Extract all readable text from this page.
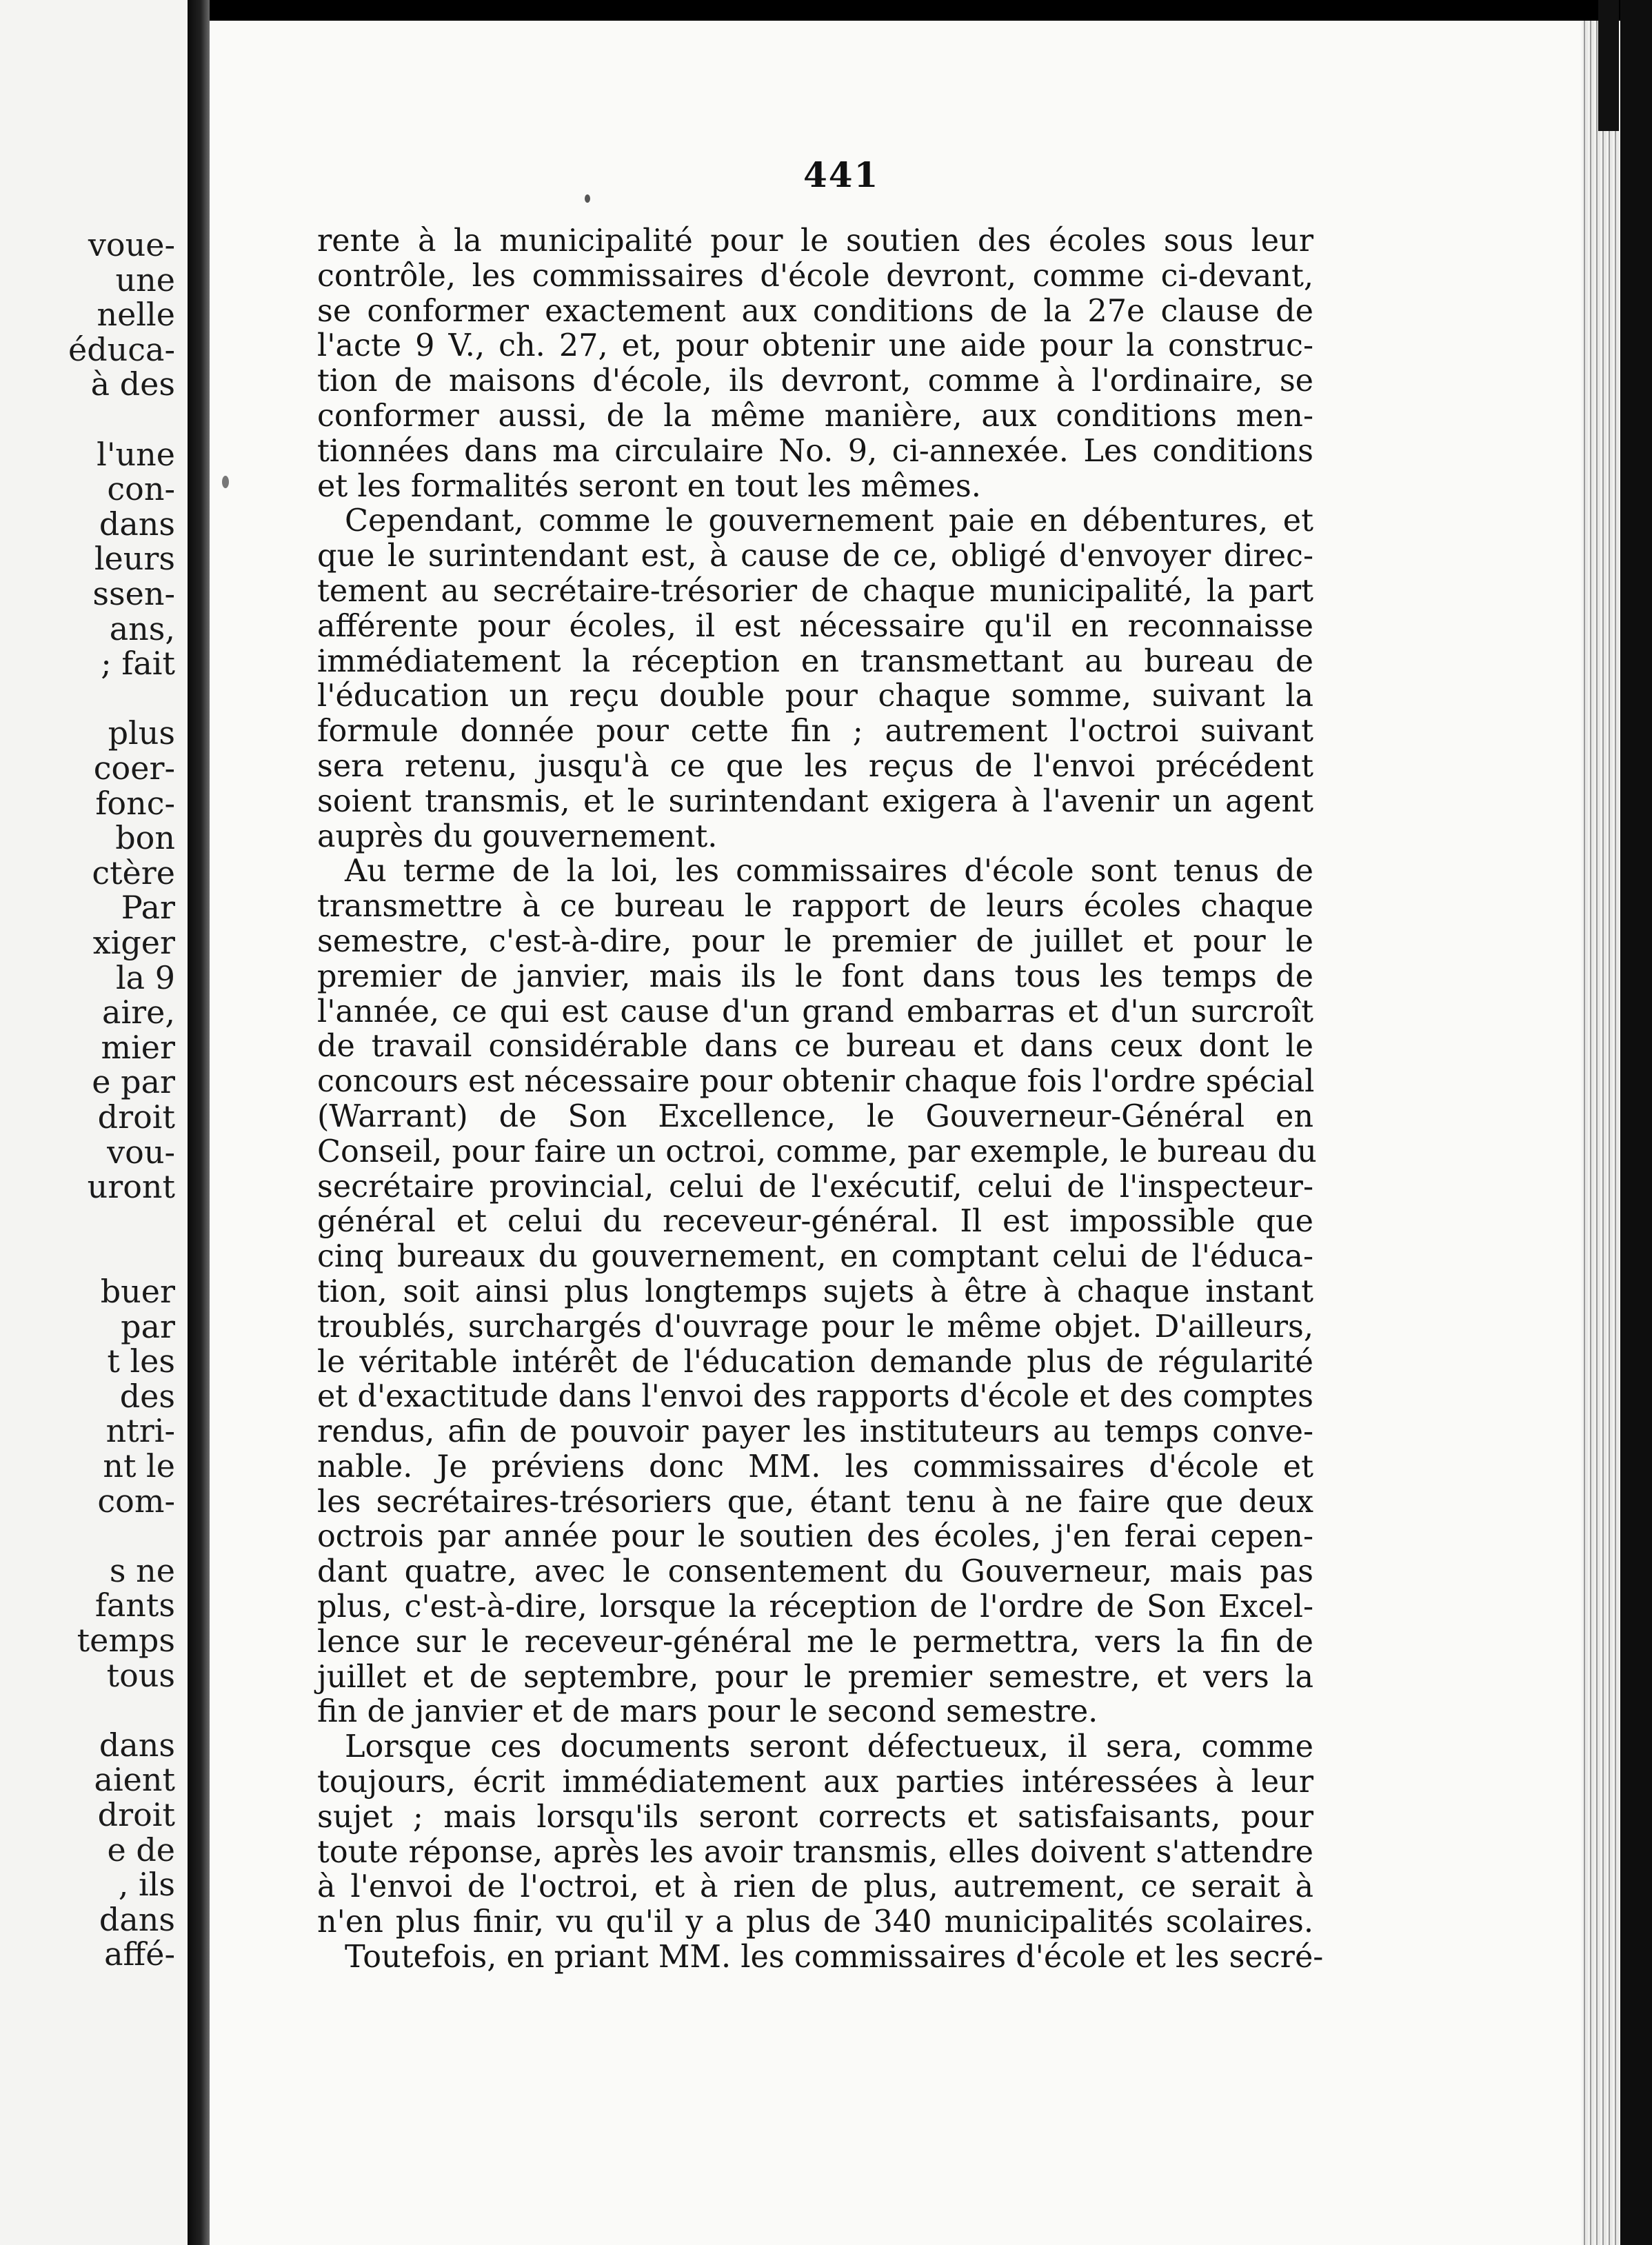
voue-
une
nelle
éduca-
à des
l'une
con-
dans
leurs
ssen-
ans,
; fait
plus
coer-
fonc-
bon
ctère
Par
xiger
la 9
aire,
mier
e par
droit
vou-
uront
buer
par
t les
des
ntri-
nt le
com-
s ne
fants
temps
tous
dans
aient
droit
e de
, ils
dans
affé-
441
rente à la municipalité pour le soutien des écoles sous leur
contrôle, les commissaires d'école devront, comme ci-devant,
se conformer exactement aux conditions de la 27e clause de
l'acte 9 V., ch. 27, et, pour obtenir une aide pour la construc-
tion de maisons d'école, ils devront, comme à l'ordinaire, se
conformer aussi, de la même manière, aux conditions men-
tionnées dans ma circulaire No. 9, ci-annexée. Les conditions
et les formalités seront en tout les mêmes.
Cependant, comme le gouvernement paie en débentures, et
que le surintendant est, à cause de ce, obligé d'envoyer direc-
tement au secrétaire-trésorier de chaque municipalité, la part
afférente pour écoles, il est nécessaire qu'il en reconnaisse
immédiatement la réception en transmettant au bureau de
l'éducation un reçu double pour chaque somme, suivant la
formule donnée pour cette fin ; autrement l'octroi suivant
sera retenu, jusqu'à ce que les reçus de l'envoi précédent
soient transmis, et le surintendant exigera à l'avenir un agent
auprès du gouvernement.
Au terme de la loi, les commissaires d'école sont tenus de
transmettre à ce bureau le rapport de leurs écoles chaque
semestre, c'est-à-dire, pour le premier de juillet et pour le
premier de janvier, mais ils le font dans tous les temps de
l'année, ce qui est cause d'un grand embarras et d'un surcroît
de travail considérable dans ce bureau et dans ceux dont le
concours est nécessaire pour obtenir chaque fois l'ordre spécial
(Warrant) de Son Excellence, le Gouverneur-Général en
Conseil, pour faire un octroi, comme, par exemple, le bureau du
secrétaire provincial, celui de l'exécutif, celui de l'inspecteur-
général et celui du receveur-général. Il est impossible que
cinq bureaux du gouvernement, en comptant celui de l'éduca-
tion, soit ainsi plus longtemps sujets à être à chaque instant
troublés, surchargés d'ouvrage pour le même objet. D'ailleurs,
le véritable intérêt de l'éducation demande plus de régularité
et d'exactitude dans l'envoi des rapports d'école et des comptes
rendus, afin de pouvoir payer les instituteurs au temps conve-
nable. Je préviens donc MM. les commissaires d'école et
les secrétaires-trésoriers que, étant tenu à ne faire que deux
octrois par année pour le soutien des écoles, j'en ferai cepen-
dant quatre, avec le consentement du Gouverneur, mais pas
plus, c'est-à-dire, lorsque la réception de l'ordre de Son Excel-
lence sur le receveur-général me le permettra, vers la fin de
juillet et de septembre, pour le premier semestre, et vers la
fin de janvier et de mars pour le second semestre.
Lorsque ces documents seront défectueux, il sera, comme
toujours, écrit immédiatement aux parties intéressées à leur
sujet ; mais lorsqu'ils seront corrects et satisfaisants, pour
toute réponse, après les avoir transmis, elles doivent s'attendre
à l'envoi de l'octroi, et à rien de plus, autrement, ce serait à
n'en plus finir, vu qu'il y a plus de 340 municipalités scolaires.
Toutefois, en priant MM. les commissaires d'école et les secré-
